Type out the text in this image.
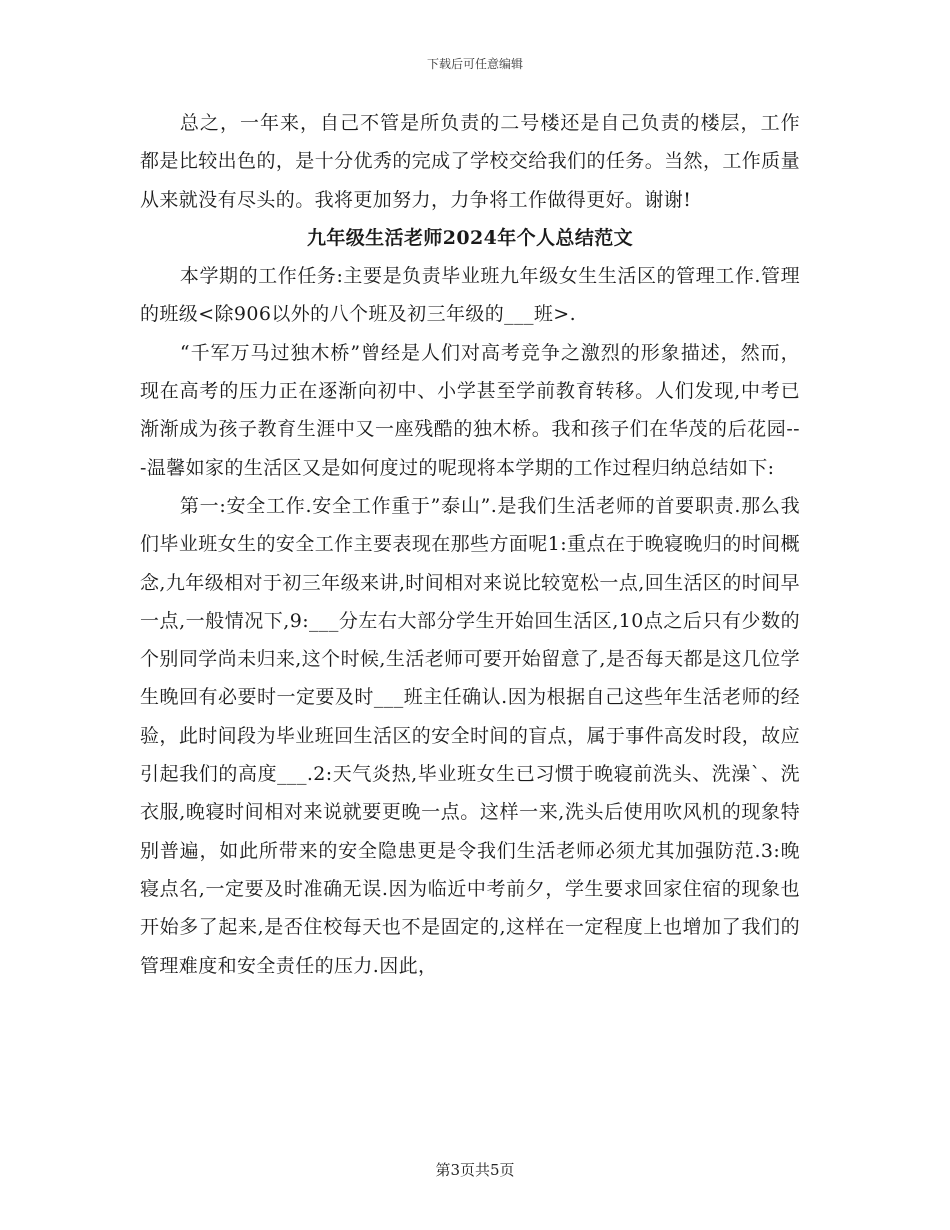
下载后可任意编辑

总之，一年来，自己不管是所负责的二号楼还是自己负责的楼层，工作都是比较出色的，是十分优秀的完成了学校交给我们的任务。当然，工作质量从来就没有尽头的。我将更加努力，力争将工作做得更好。谢谢!

九年级生活老师2024年个人总结范文

本学期的工作任务:主要是负责毕业班九年级女生生活区的管理工作.管理的班级<除906以外的八个班及初三年级的___班>.

“千军万马过独木桥”曾经是人们对高考竞争之激烈的形象描述，然而，现在高考的压力正在逐渐向初中、小学甚至学前教育转移。人们发现,中考已渐渐成为孩子教育生涯中又一座残酷的独木桥。我和孩子们在华茂的后花园---温馨如家的生活区又是如何度过的呢现将本学期的工作过程归纳总结如下:

第一:安全工作.安全工作重于”泰山”.是我们生活老师的首要职责.那么我们毕业班女生的安全工作主要表现在那些方面呢1:重点在于晚寝晚归的时间概念,九年级相对于初三年级来讲,时间相对来说比较宽松一点,回生活区的时间早一点,一般情况下,9:___分左右大部分学生开始回生活区,10点之后只有少数的个别同学尚未归来,这个时候,生活老师可要开始留意了,是否每天都是这几位学生晚回有必要时一定要及时___班主任确认.因为根据自己这些年生活老师的经验，此时间段为毕业班回生活区的安全时间的盲点，属于事件高发时段，故应引起我们的高度___.2:天气炎热,毕业班女生已习惯于晚寝前洗头、洗澡`、洗衣服,晚寝时间相对来说就要更晚一点。这样一来,洗头后使用吹风机的现象特别普遍，如此所带来的安全隐患更是令我们生活老师必须尤其加强防范.3:晚寝点名,一定要及时准确无误.因为临近中考前夕，学生要求回家住宿的现象也开始多了起来,是否住校每天也不是固定的,这样在一定程度上也增加了我们的管理难度和安全责任的压力.因此，

第3页共5页
